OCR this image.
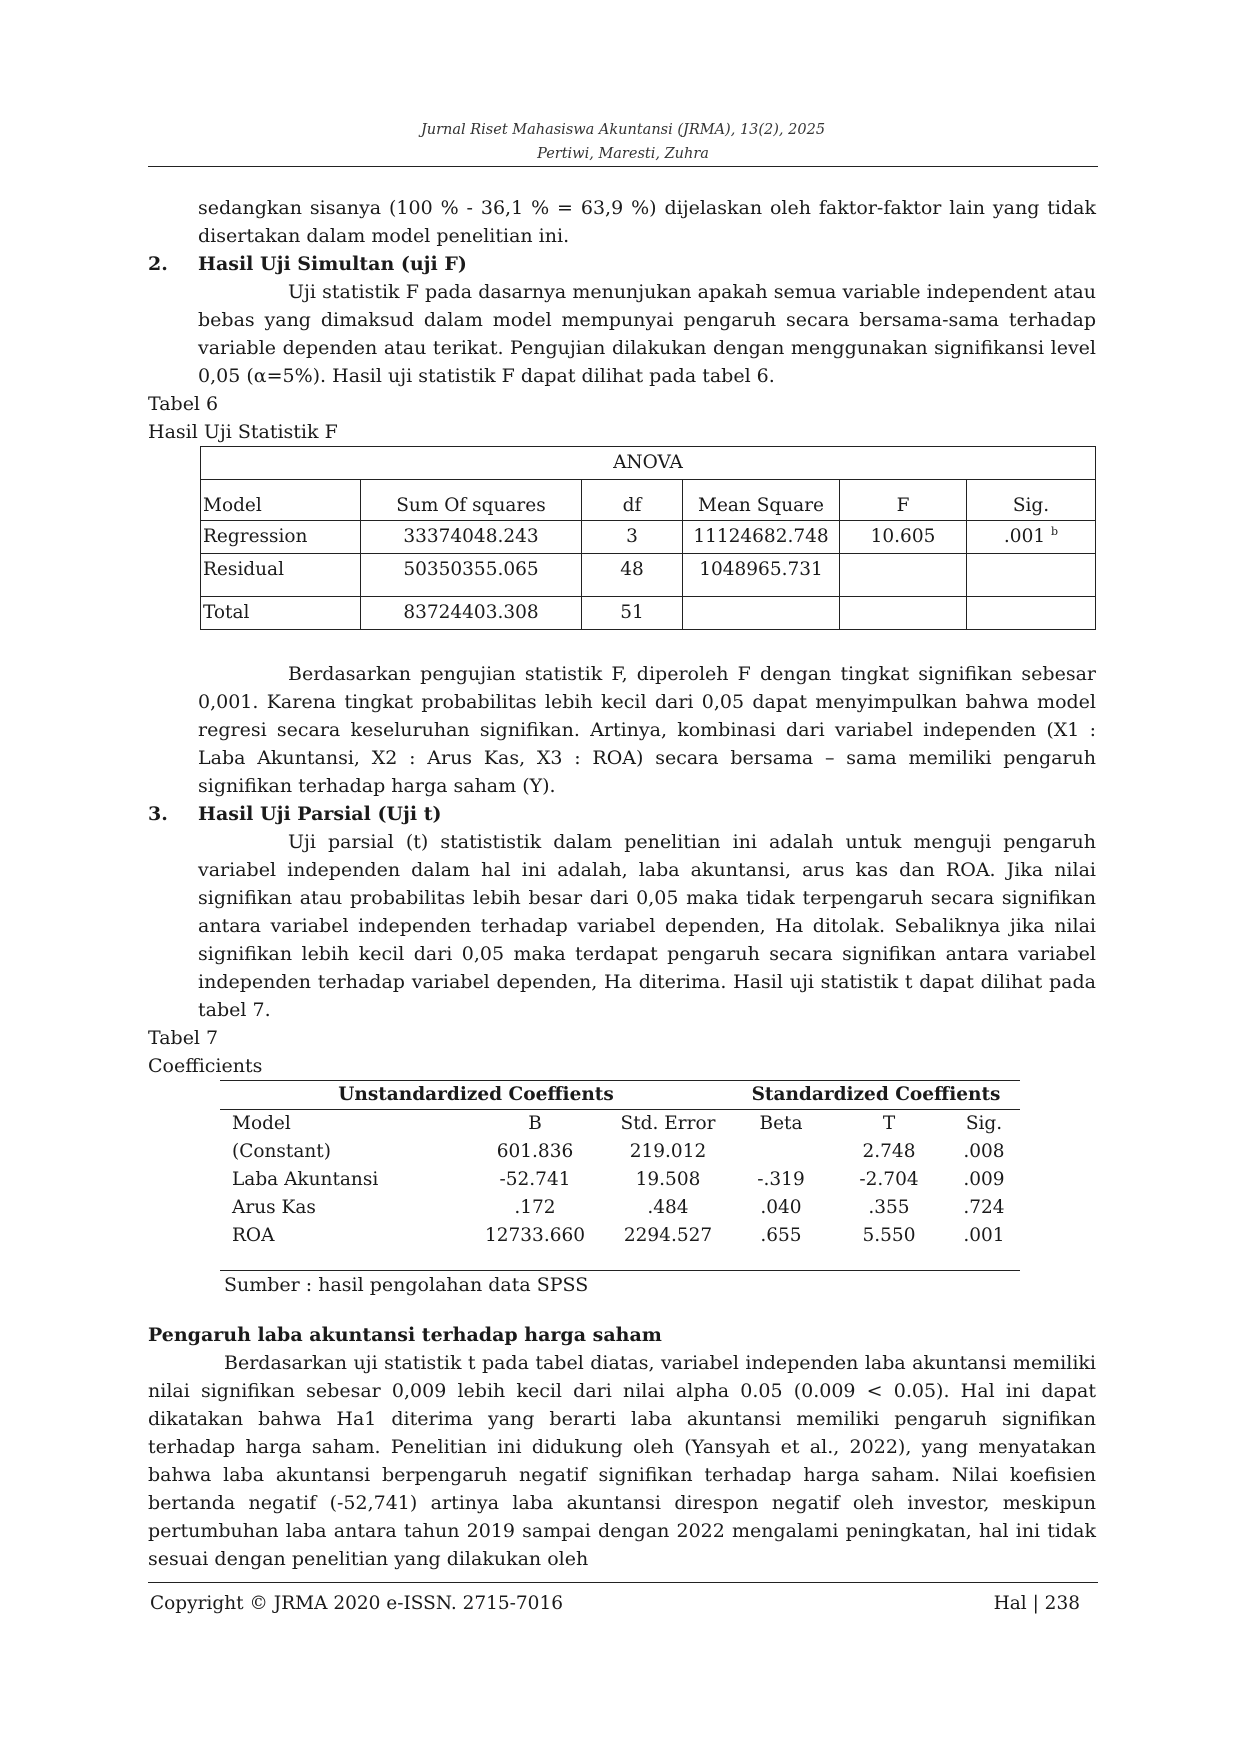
Jurnal Riset Mahasiswa Akuntansi (JRMA), 13(2), 2025
Pertiwi, Maresti, Zuhra

sedangkan sisanya (100 % - 36,1 % = 63,9 %) dijelaskan oleh faktor-faktor lain yang tidak disertakan dalam model penelitian ini.

2.	Hasil Uji Simultan (uji F)

Uji statistik F pada dasarnya menunjukan apakah semua variable independent atau bebas yang dimaksud dalam model mempunyai pengaruh secara bersama-sama terhadap variable dependen atau terikat. Pengujian dilakukan dengan menggunakan signifikansi level 0,05 (α=5%). Hasil uji statistik F dapat dilihat pada tabel 6.

Tabel 6

Hasil Uji Statistik F

ANOVA					
Model	Sum Of squares	df	Mean Square	F	Sig.
Regression	33374048.243	3	11124682.748	10.605	.001 $^b$
Residual	50350355.065	48	1048965.731		
Total	83724403.308	51			

Berdasarkan pengujian statistik F, diperoleh F dengan tingkat signifikan sebesar 0,001. Karena tingkat probabilitas lebih kecil dari 0,05 dapat menyimpulkan bahwa model regresi secara keseluruhan signifikan. Artinya, kombinasi dari variabel independen (X1 : Laba Akuntansi, X2 : Arus Kas, X3 : ROA) secara bersama – sama memiliki pengaruh signifikan terhadap harga saham (Y).

3.	Hasil Uji Parsial (Uji t)

Uji parsial (t) statististik dalam penelitian ini adalah untuk menguji pengaruh variabel independen dalam hal ini adalah, laba akuntansi, arus kas dan ROA. Jika nilai signifikan atau probabilitas lebih besar dari 0,05 maka tidak terpengaruh secara signifikan antara variabel independen terhadap variabel dependen, Ha ditolak. Sebaliknya jika nilai signifikan lebih kecil dari 0,05 maka terdapat pengaruh secara signifikan antara variabel independen terhadap variabel dependen, Ha diterima. Hasil uji statistik t dapat dilihat pada tabel 7.

Tabel 7

Coefficients

Unstandardized Coeffients			Standardized Coeffients		
Model	B	Std. Error	Beta	T	Sig.
(Constant)	601.836	219.012		2.748	.008
Laba Akuntansi	-52.741	19.508	-.319	-2.704	.009
Arus Kas	.172	.484	.040	.355	.724
ROA	12733.660	2294.527	.655	5.550	.001

Sumber : hasil pengolahan data SPSS

Pengaruh laba akuntansi terhadap harga saham

Berdasarkan uji statistik t pada tabel diatas, variabel independen laba akuntansi memiliki nilai signifikan sebesar 0,009 lebih kecil dari nilai alpha 0.05 (0.009 < 0.05). Hal ini dapat dikatakan bahwa Ha1 diterima yang berarti laba akuntansi memiliki pengaruh signifikan terhadap harga saham. Penelitian ini didukung oleh (Yansyah et al., 2022), yang menyatakan bahwa laba akuntansi berpengaruh negatif signifikan terhadap harga saham. Nilai koefisien bertanda negatif (-52,741) artinya laba akuntansi direspon negatif oleh investor, meskipun pertumbuhan laba antara tahun 2019 sampai dengan 2022 mengalami peningkatan, hal ini tidak sesuai dengan penelitian yang dilakukan oleh

Copyright © JRMA 2020 e-ISSN. 2715-7016	Hal | 238
